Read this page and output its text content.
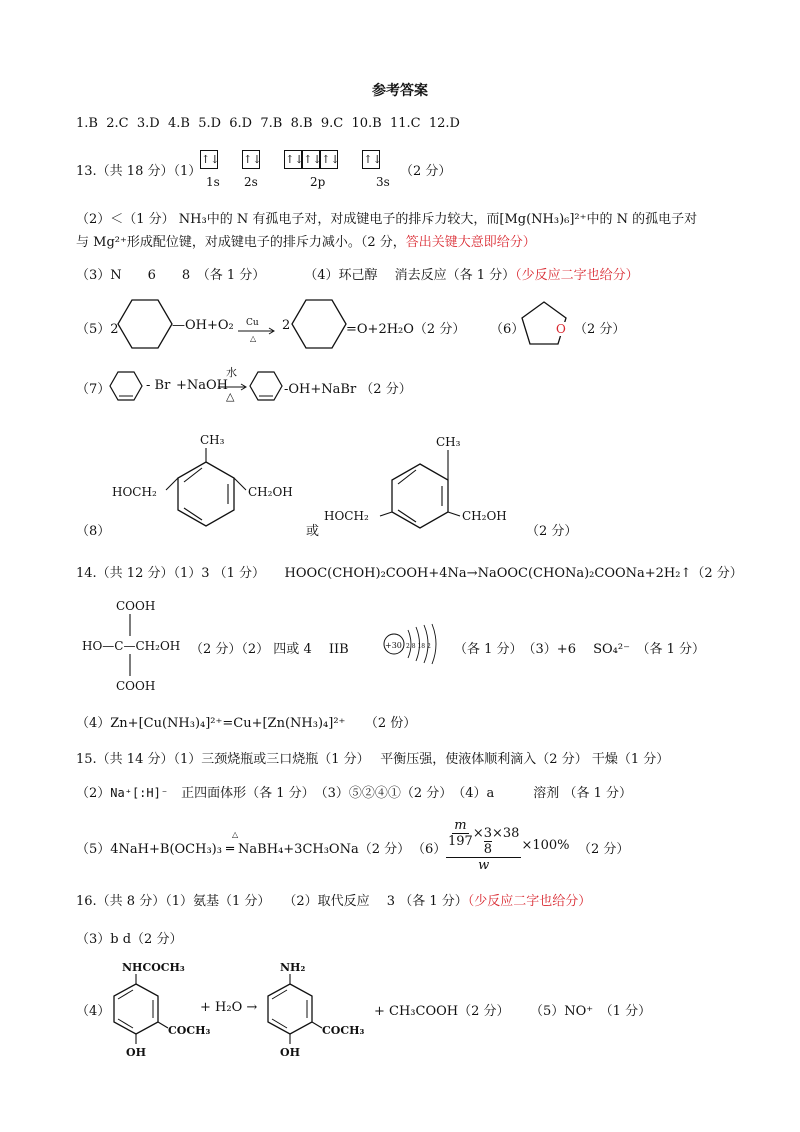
参考答案
1.B 2.C 3.D 4.B 5.D 6.D 7.B 8.B 9.C 10.B 11.C 12.D
13.（共 18 分）（1）
↑↓ ↑↓ ↑↓↑↓↑↓ ↑↓
1s 2s	2p	3s
（2 分）
（2）＜（1 分） NH₃中的 N 有孤电子对，对成键电子的排斥力较大，而[Mg(NH₃)₆]²⁺中的 N 的孤电子对
与 Mg²⁺形成配位键，对成键电子的排斥力减小。（2 分，答出关键大意即给分）
（3）N　　6　　8　（各 1 分）　　　　（4）环己醇　 消去反应（各 1 分）（少反应二字也给分）
（5）2	—OH+O₂ Cu
△
2	=O+2H₂O（2 分） （6）	O （2 分）
（7）	- Br +NaOH
水
△	-OH+NaBr （2 分）
（8）
CH₃
HOCH₂	CH₂OH
或
CH₃
HOCH₂	CH₂OH
（2 分）
14.（共 12 分）（1）3 （1 分）　　HOOC(CHOH)₂COOH+4Na→NaOOC(CHONa)₂COONa+2H₂↑（2 分）
COOH
HO—C—CH₂OH
COOH
（2 分）（2） 四或 4　 IIB	+30 2 8 18 2 （各 1 分）　（3）+6　 SO₄²⁻　（各 1 分）
（4）Zn+[Cu(NH₃)₄]²⁺=Cu+[Zn(NH₃)₄]²⁺　　（2 份）
15.（共 14 分）（1）三颈烧瓶或三口烧瓶（1 分）　 平衡压强，使液体顺利滴入（2 分） 干燥（1 分）
（2）Na⁺[:H]⁻　正四面体形（各 1 分）　（3）⑤②④①（2 分）　（4）a　　　溶剂 （各 1 分）
（5）4NaH+B(OCH₃)₃ ═ NaBH₄+3CH₃ONa（2 分）
△
$(6) \frac{\frac{m}{197} \times \frac{3}{8} \times 38}{w} \times 100\%$ （2 分）
16.（共 8 分）（1）氨基（1 分）　　（2）取代反应　 3 （各 1 分）（少反应二字也给分）
（3）b d（2 分）
（4）
NHCOCH₃
COCH₃
OH
+ H₂O →
NH₂
COCH₃
OH
+ CH₃COOH（2 分） （5）NO⁺　（1 分）
